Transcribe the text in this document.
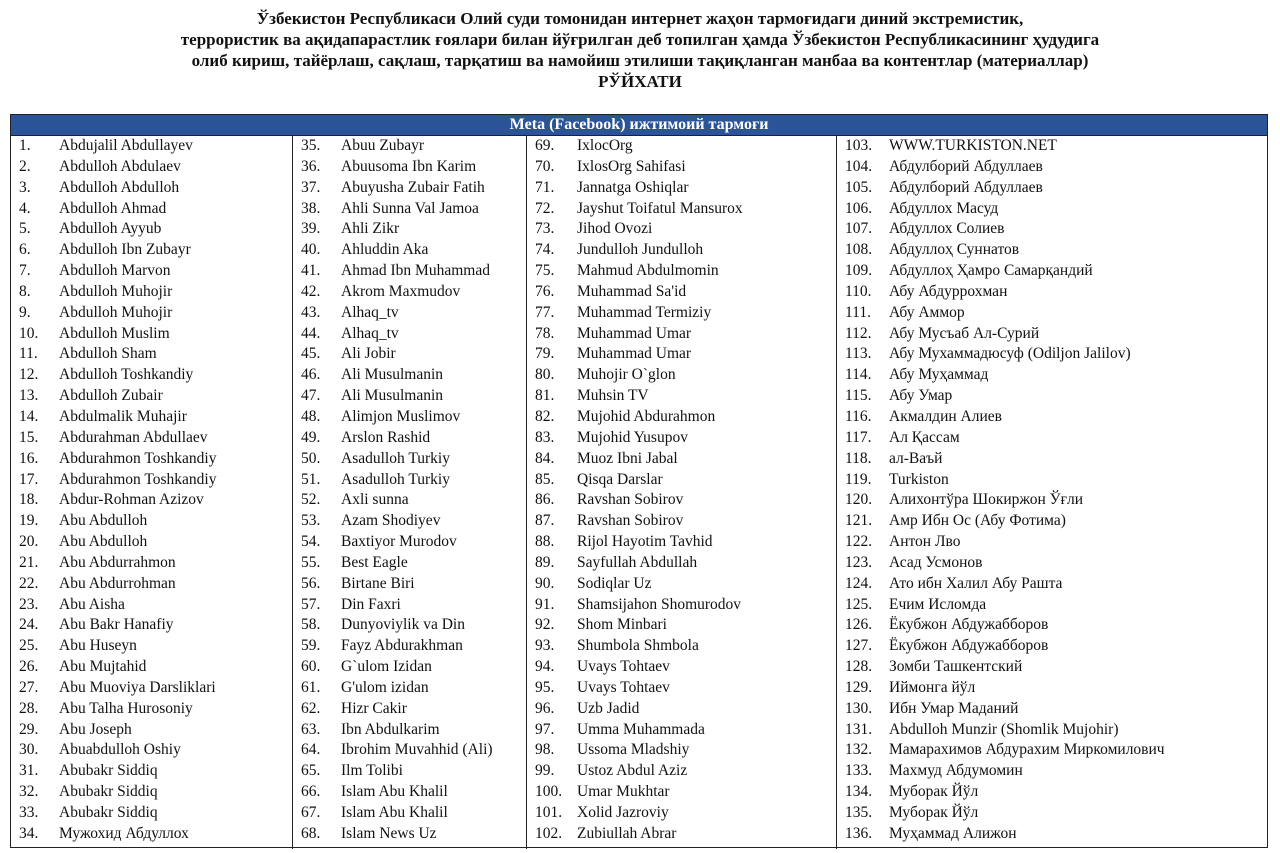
Ўзбекистон Республикаси Олий суди томонидан интернет жаҳон тармоғидаги диний экстремистик,
террористик ва ақидапарастлик ғоялари билан йўғрилган деб топилган ҳамда Ўзбекистон Республикасининг ҳудудига
олиб кириш, тайёрлаш, сақлаш, тарқатиш ва намойиш этилиши тақиқланган манбаа ва контентлар (материаллар)
РЎЙХАТИ
Meta (Facebook) ижтимоий тармоғи
1. Abdujalil Abdullayev
2. Abdulloh Abdulaev
3. Abdulloh Abdulloh
4. Abdulloh Ahmad
5. Abdulloh Ayyub
6. Abdulloh Ibn Zubayr
7. Abdulloh Marvon
8. Abdulloh Muhojir
9. Abdulloh Muhojir
10. Abdulloh Muslim
11. Abdulloh Sham
12. Abdulloh Toshkandiy
13. Abdulloh Zubair
14. Abdulmalik Muhajir
15. Abdurahman Abdullaev
16. Abdurahmon Toshkandiy
17. Abdurahmon Toshkandiy
18. Abdur-Rohman Azizov
19. Abu Abdulloh
20. Abu Abdulloh
21. Abu Abdurrahmon
22. Abu Abdurrohman
23. Abu Aisha
24. Abu Bakr Hanafiy
25. Abu Huseyn
26. Abu Mujtahid
27. Abu Muoviya Darsliklari
28. Abu Talha Hurosoniy
29. Abu Joseph
30. Abuabdulloh Oshiy
31. Abubakr Siddiq
32. Abubakr Siddiq
33. Abubakr Siddiq
34. Мужохид Абдуллох
35. Abuu Zubayr
36. Abuusoma Ibn Karim
37. Abuyusha Zubair Fatih
38. Ahli Sunna Val Jamoa
39. Ahli Zikr
40. Ahluddin Aka
41. Ahmad Ibn Muhammad
42. Akrom Maxmudov
43. Alhaq_tv
44. Alhaq_tv
45. Ali Jobir
46. Ali Musulmanin
47. Ali Musulmanin
48. Alimjon Muslimov
49. Arslon Rashid
50. Asadulloh Turkiy
51. Asadulloh Turkiy
52. Axli sunna
53. Azam Shodiyev
54. Baxtiyor Murodov
55. Best Eagle
56. Birtane Biri
57. Din Faxri
58. Dunyoviylik va Din
59. Fayz Abdurakhman
60. G`ulom Izidan
61. G'ulom izidan
62. Hizr Cakir
63. Ibn Abdulkarim
64. Ibrohim Muvahhid (Ali)
65. Ilm Tolibi
66. Islam Abu Khalil
67. Islam Abu Khalil
68. Islam News Uz
69. IxlocOrg
70. IxlosOrg Sahifasi
71. Jannatga Oshiqlar
72. Jayshut Toifatul Mansurox
73. Jihod Ovozi
74. Jundulloh Jundulloh
75. Mahmud Abdulmomin
76. Muhammad Sa'id
77. Muhammad Termiziy
78. Muhammad Umar
79. Muhammad Umar
80. Muhojir O`glon
81. Muhsin TV
82. Mujohid Abdurahmon
83. Mujohid Yusupov
84. Muoz Ibni Jabal
85. Qisqa Darslar
86. Ravshan Sobirov
87. Ravshan Sobirov
88. Rijol Hayotim Tavhid
89. Sayfullah Abdullah
90. Sodiqlar Uz
91. Shamsijahon Shomurodov
92. Shom Minbari
93. Shumbola Shmbola
94. Uvays Tohtaev
95. Uvays Tohtaev
96. Uzb Jadid
97. Umma Muhammada
98. Ussoma Mladshiy
99. Ustoz Abdul Aziz
100. Umar Mukhtar
101. Xolid Jazroviy
102. Zubiullah Abrar
103. WWW.TURKISTON.NET
104. Абдулборий Абдуллаев
105. Абдулборий Абдуллаев
106. Абдуллох Масуд
107. Абдуллох Солиев
108. Абдуллоҳ Суннатов
109. Абдуллоҳ Ҳамро Самарқандий
110. Абу Абдуррохман
111. Абу Аммор
112. Абу Мусъаб Ал-Сурий
113. Абу Мухаммадюсуф (Odiljon Jalilov)
114. Абу Муҳаммад
115. Абу Умар
116. Акмалдин Алиев
117. Ал Қассам
118. ал-Ваъй
119. Turkiston
120. Алихонтўра Шокиржон Ўғли
121. Амр Ибн Ос (Абу Фотима)
122. Антон Лво
123. Асад Усмонов
124. Ато ибн Халил Абу Рашта
125. Ечим Исломда
126. Ёкубжон Абдужабборов
127. Ёкубжон Абдужабборов
128. Зомби Ташкентский
129. Иймонга йўл
130. Ибн Умар Маданий
131. Abdulloh Munzir (Shomlik Mujohir)
132. Мамарахимов Абдурахим Миркомилович
133. Махмуд Абдумомин
134. Муборак Йўл
135. Муборак Йўл
136. Муҳаммад Алижон
